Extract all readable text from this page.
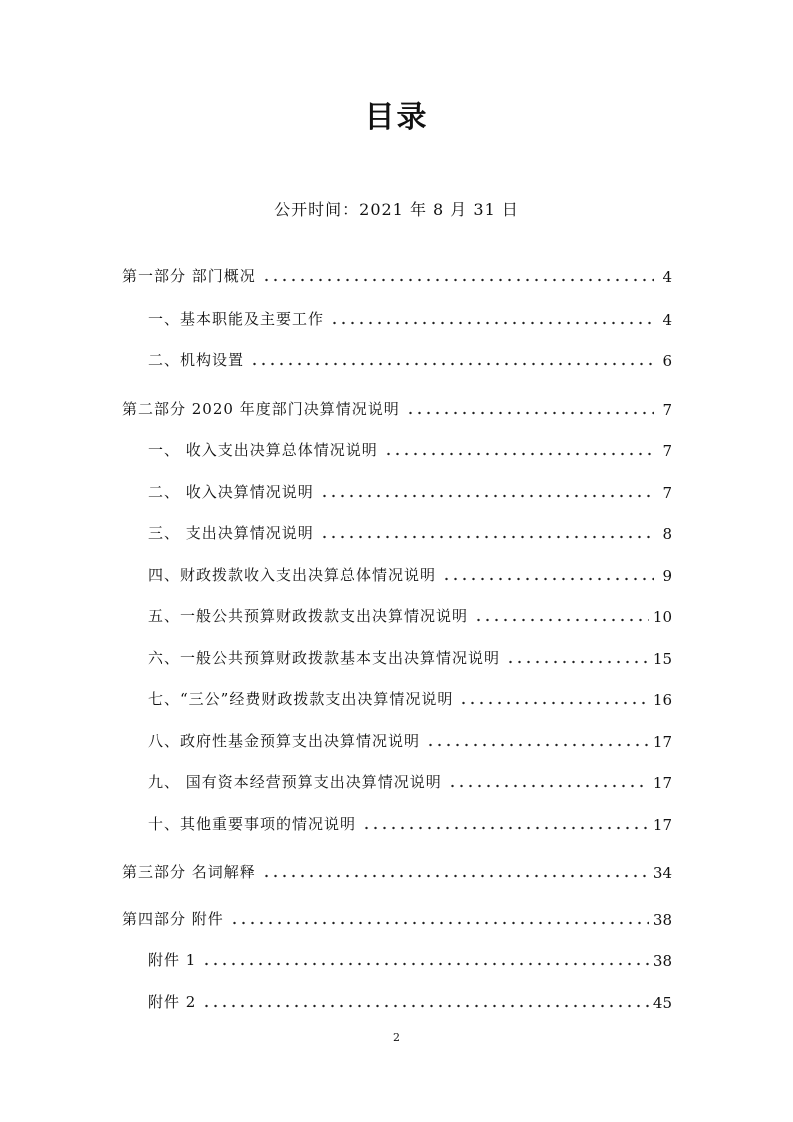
目录
公开时间：2021 年 8 月 31 日
第一部分 部门概况	4
一、基本职能及主要工作	4
二、机构设置	6
第二部分 2020 年度部门决算情况说明	7
一、 收入支出决算总体情况说明	7
二、 收入决算情况说明	7
三、 支出决算情况说明	8
四、财政拨款收入支出决算总体情况说明	9
五、一般公共预算财政拨款支出决算情况说明	10
六、一般公共预算财政拨款基本支出决算情况说明	15
七、“三公”经费财政拨款支出决算情况说明	16
八、政府性基金预算支出决算情况说明	17
九、 国有资本经营预算支出决算情况说明	17
十、其他重要事项的情况说明	17
第三部分 名词解释	34
第四部分 附件	38
附件 1	38
附件 2	45
2
